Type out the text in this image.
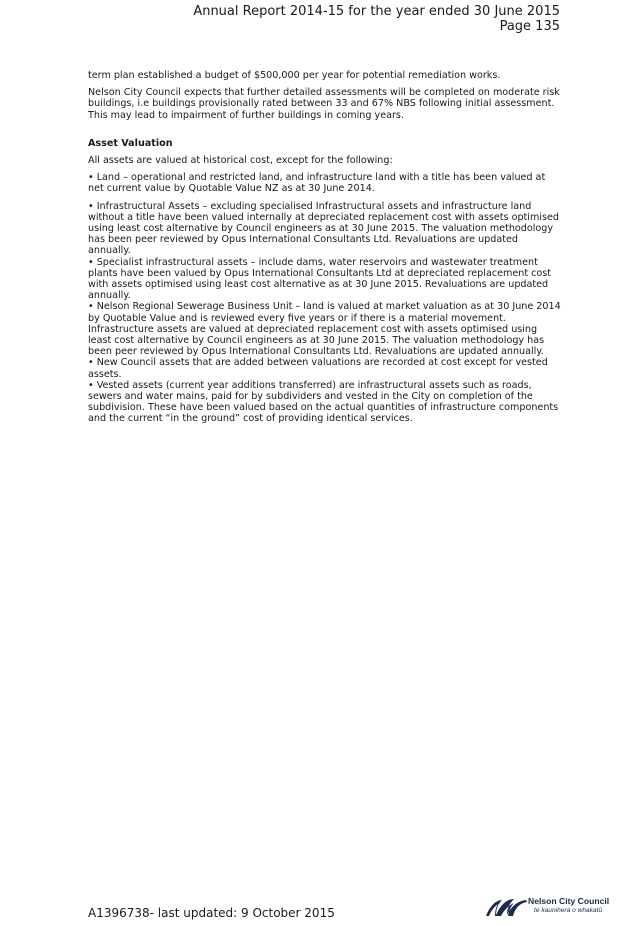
Annual Report 2014-15 for the year ended 30 June 2015
Page 135

term plan established a budget of $500,000 per year for potential remediation works.

Nelson City Council expects that further detailed assessments will be completed on moderate risk buildings, i.e buildings provisionally rated between 33 and 67% NBS following initial assessment. This may lead to impairment of further buildings in coming years.

Asset Valuation

All assets are valued at historical cost, except for the following:

• Land – operational and restricted land, and infrastructure land with a title has been valued at net current value by Quotable Value NZ as at 30 June 2014.

• Infrastructural Assets – excluding specialised Infrastructural assets and infrastructure land without a title have been valued internally at depreciated replacement cost with assets optimised using least cost alternative by Council engineers as at 30 June 2015. The valuation methodology has been peer reviewed by Opus International Consultants Ltd. Revaluations are updated annually.

• Specialist infrastructural assets – include dams, water reservoirs and wastewater treatment plants have been valued by Opus International Consultants Ltd at depreciated replacement cost with assets optimised using least cost alternative as at 30 June 2015. Revaluations are updated annually.

• Nelson Regional Sewerage Business Unit – land is valued at market valuation as at 30 June 2014 by Quotable Value and is reviewed every five years or if there is a material movement. Infrastructure assets are valued at depreciated replacement cost with assets optimised using least cost alternative by Council engineers as at 30 June 2015. The valuation methodology has been peer reviewed by Opus International Consultants Ltd. Revaluations are updated annually.

• New Council assets that are added between valuations are recorded at cost except for vested assets.

• Vested assets (current year additions transferred) are infrastructural assets such as roads, sewers and water mains, paid for by subdividers and vested in the City on completion of the subdivision. These have been valued based on the actual quantities of infrastructure components and the current “in the ground” cost of providing identical services.

A1396738- last updated: 9 October 2015
Nelson City Council
te kaunihera o whakatū
